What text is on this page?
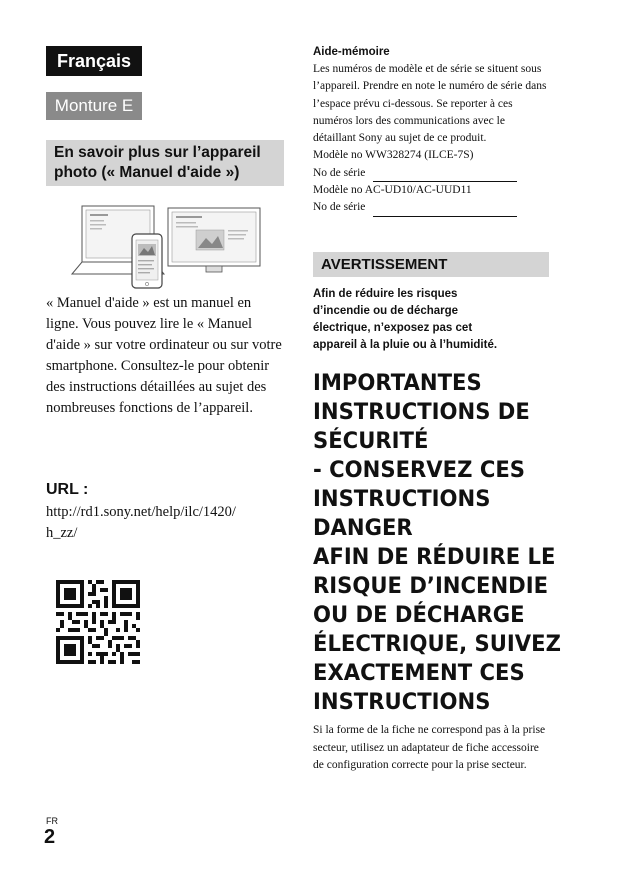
Français
Monture E
En savoir plus sur l’appareil
photo (« Manuel d'aide »)

« Manuel d'aide » est un manuel en ligne. Vous pouvez lire le « Manuel d'aide » sur votre ordinateur ou sur votre smartphone. Consultez-le pour obtenir des instructions détaillées au sujet des nombreuses fonctions de l’appareil.

URL :
http://rd1.sony.net/help/ilc/1420/
h_zz/
FR
2
Aide-mémoire

Les numéros de modèle et de série se situent sous l’appareil. Prendre en note le numéro de série dans l’espace prévu ci-dessous. Se reporter à ces numéros lors des communications avec le détaillant Sony au sujet de ce produit.

Modèle no WW328274 (ILCE-7S)
No de série
Modèle no AC-UD10/AC-UUD11
No de série
AVERTISSEMENT
Afin de réduire les risques
d’incendie ou de décharge
électrique, n’exposez pas cet
appareil à la pluie ou à l’humidité.
IMPORTANTES
INSTRUCTIONS DE
SÉCURITÉ
- CONSERVEZ CES
INSTRUCTIONS
DANGER
AFIN DE RÉDUIRE LE
RISQUE D’INCENDIE
OU DE DÉCHARGE
ÉLECTRIQUE, SUIVEZ
EXACTEMENT CES
INSTRUCTIONS
Si la forme de la fiche ne correspond pas à la prise secteur, utilisez un adaptateur de fiche accessoire de configuration correcte pour la prise secteur.
